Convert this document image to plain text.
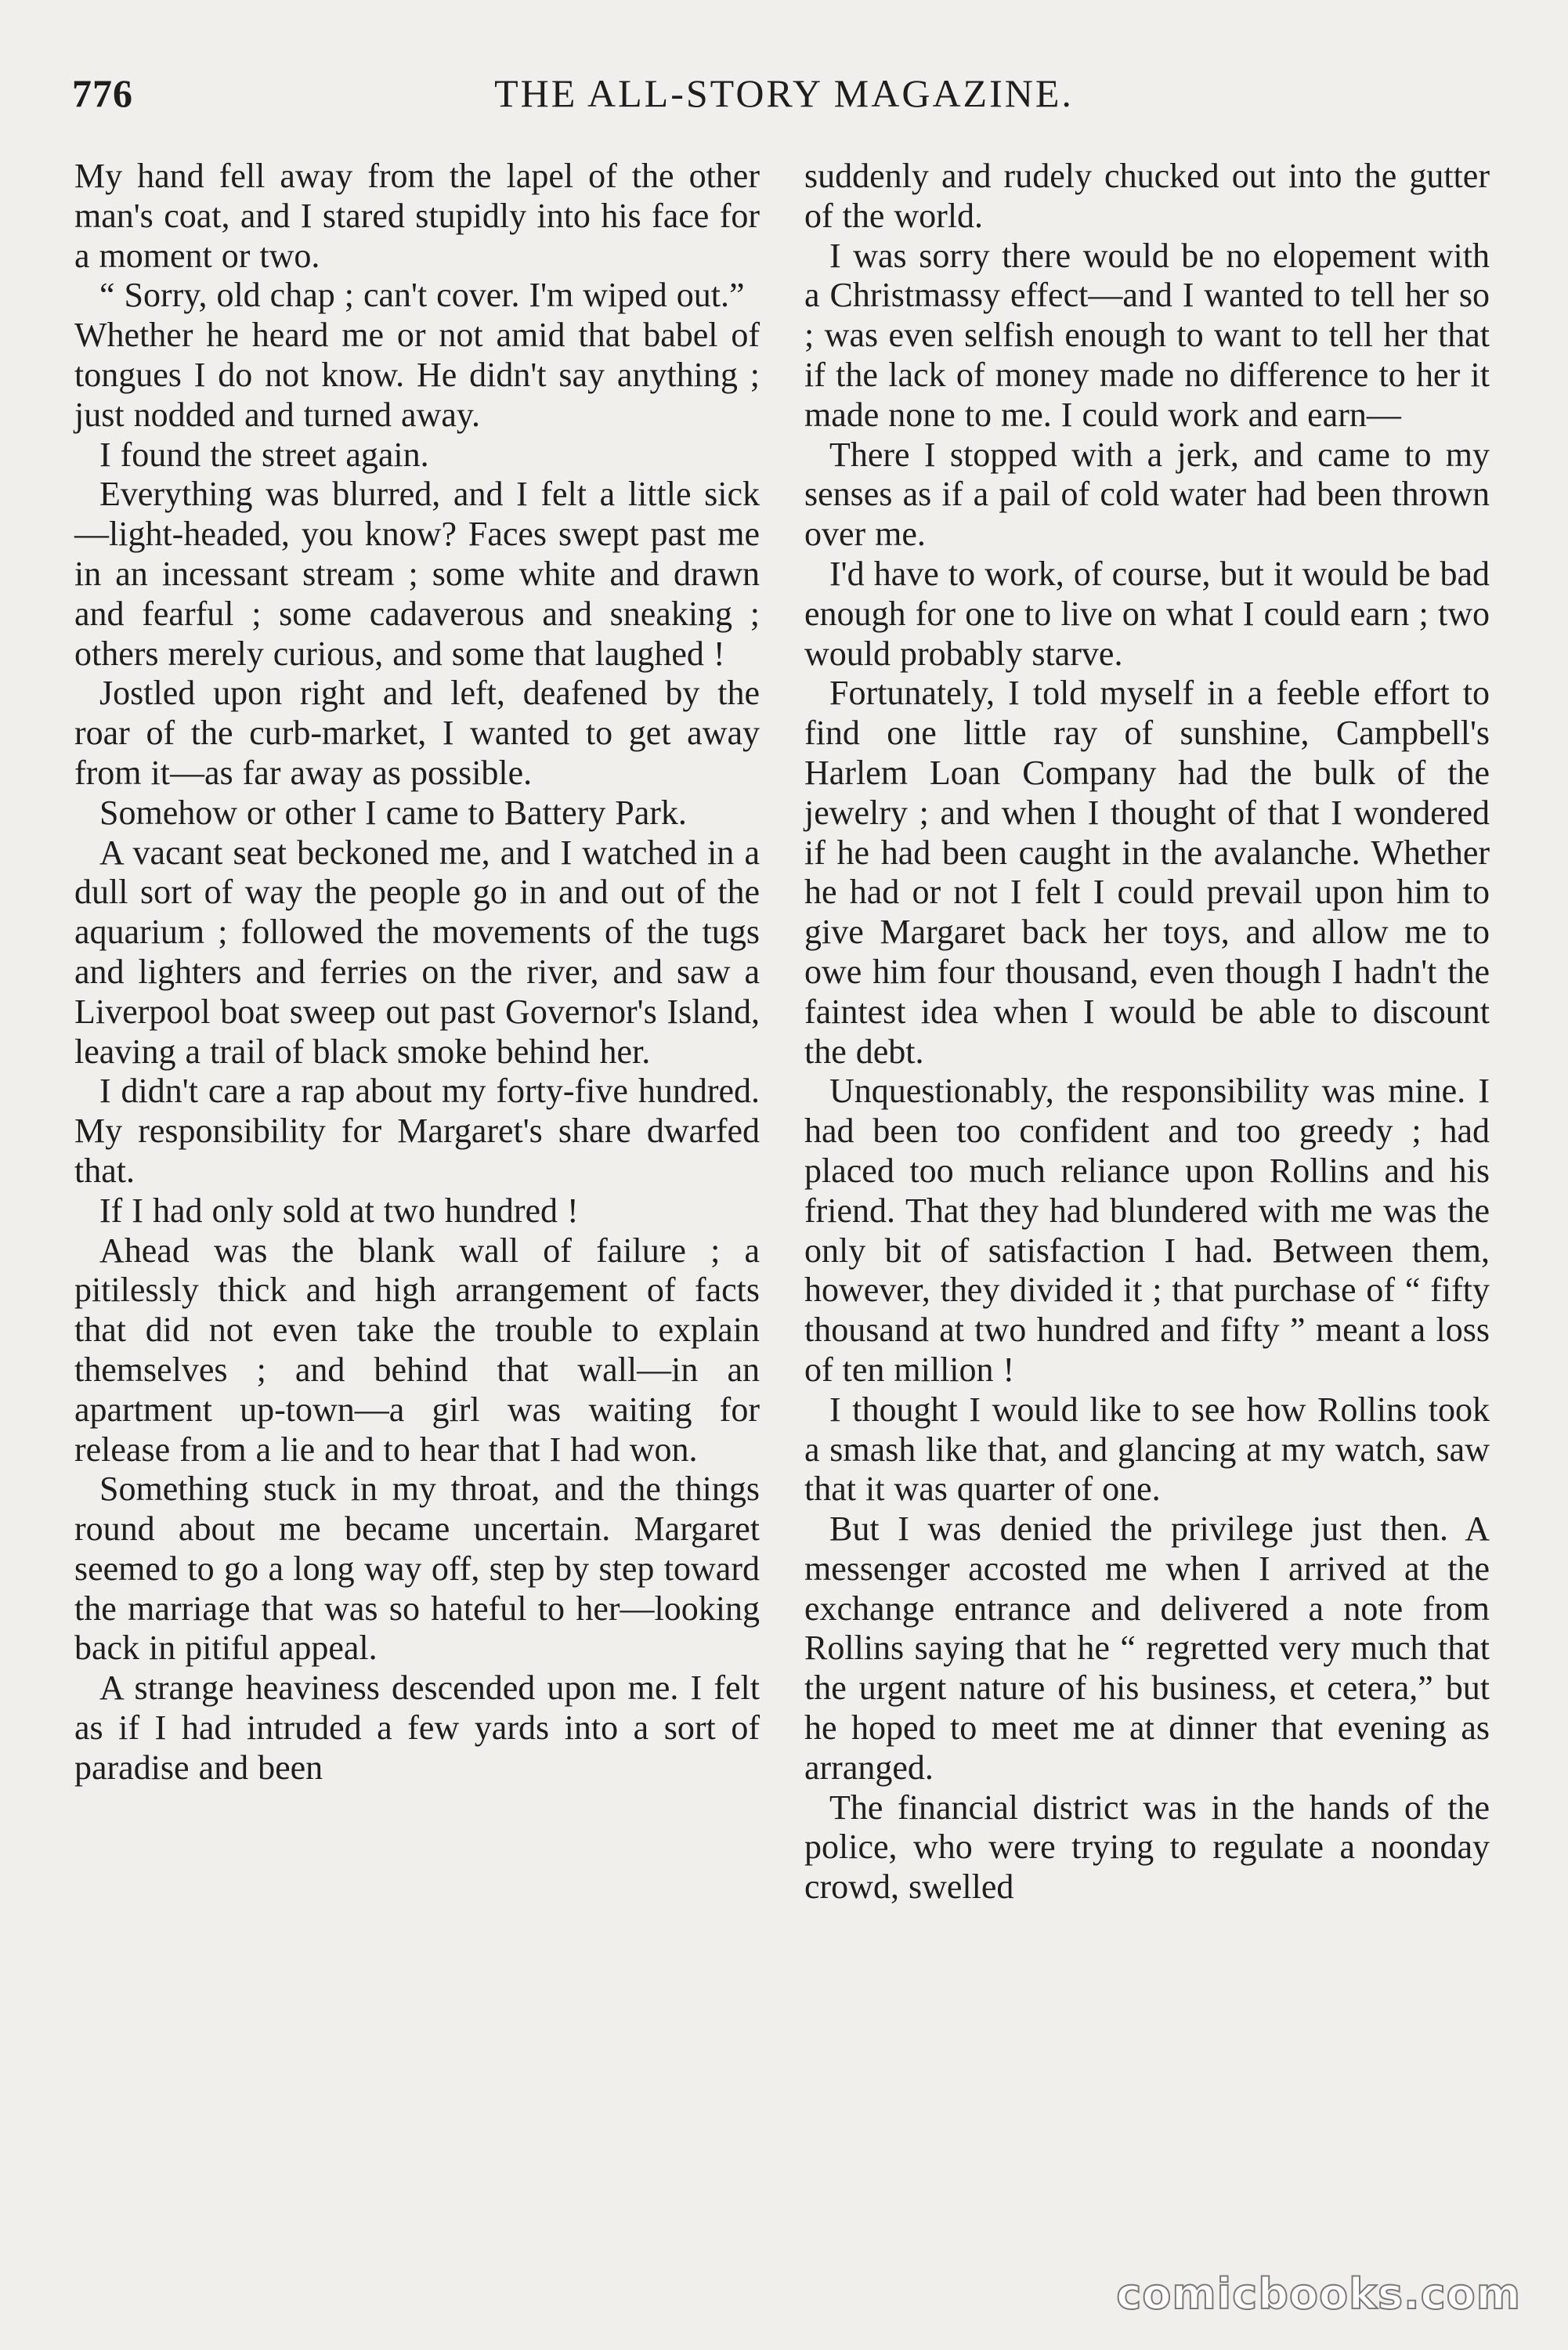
776	THE ALL-STORY MAGAZINE.

My hand fell away from the lapel of the other man's coat, and I stared stupidly into his face for a moment or two.

“ Sorry, old chap ; can't cover. I'm wiped out.”

Whether he heard me or not amid that babel of tongues I do not know. He didn't say anything ; just nodded and turned away.

I found the street again.

Everything was blurred, and I felt a little sick—light-headed, you know? Faces swept past me in an incessant stream ; some white and drawn and fearful ; some cadaverous and sneaking ; others merely curious, and some that laughed !

Jostled upon right and left, deafened by the roar of the curb-market, I wanted to get away from it—as far away as possible.

Somehow or other I came to Battery Park.

A vacant seat beckoned me, and I watched in a dull sort of way the people go in and out of the aquarium ; followed the movements of the tugs and lighters and ferries on the river, and saw a Liverpool boat sweep out past Governor's Island, leaving a trail of black smoke behind her.

I didn't care a rap about my forty-five hundred. My responsibility for Margaret's share dwarfed that.

If I had only sold at two hundred !

Ahead was the blank wall of failure ; a pitilessly thick and high arrangement of facts that did not even take the trouble to explain themselves ; and behind that wall—in an apartment up-town—a girl was waiting for release from a lie and to hear that I had won.

Something stuck in my throat, and the things round about me became uncertain. Margaret seemed to go a long way off, step by step toward the marriage that was so hateful to her—looking back in pitiful appeal.

A strange heaviness descended upon me. I felt as if I had intruded a few yards into a sort of paradise and been

suddenly and rudely chucked out into the gutter of the world.

I was sorry there would be no elopement with a Christmassy effect—and I wanted to tell her so ; was even selfish enough to want to tell her that if the lack of money made no difference to her it made none to me. I could work and earn—

There I stopped with a jerk, and came to my senses as if a pail of cold water had been thrown over me.

I'd have to work, of course, but it would be bad enough for one to live on what I could earn ; two would probably starve.

Fortunately, I told myself in a feeble effort to find one little ray of sunshine, Campbell's Harlem Loan Company had the bulk of the jewelry ; and when I thought of that I wondered if he had been caught in the avalanche. Whether he had or not I felt I could prevail upon him to give Margaret back her toys, and allow me to owe him four thousand, even though I hadn't the faintest idea when I would be able to discount the debt.

Unquestionably, the responsibility was mine. I had been too confident and too greedy ; had placed too much reliance upon Rollins and his friend. That they had blundered with me was the only bit of satisfaction I had. Between them, however, they divided it ; that purchase of “ fifty thousand at two hundred and fifty ” meant a loss of ten million !

I thought I would like to see how Rollins took a smash like that, and glancing at my watch, saw that it was quarter of one.

But I was denied the privilege just then. A messenger accosted me when I arrived at the exchange entrance and delivered a note from Rollins saying that he “ regretted very much that the urgent nature of his business, et cetera,” but he hoped to meet me at dinner that evening as arranged.

The financial district was in the hands of the police, who were trying to regulate a noonday crowd, swelled

comicbooks.com
